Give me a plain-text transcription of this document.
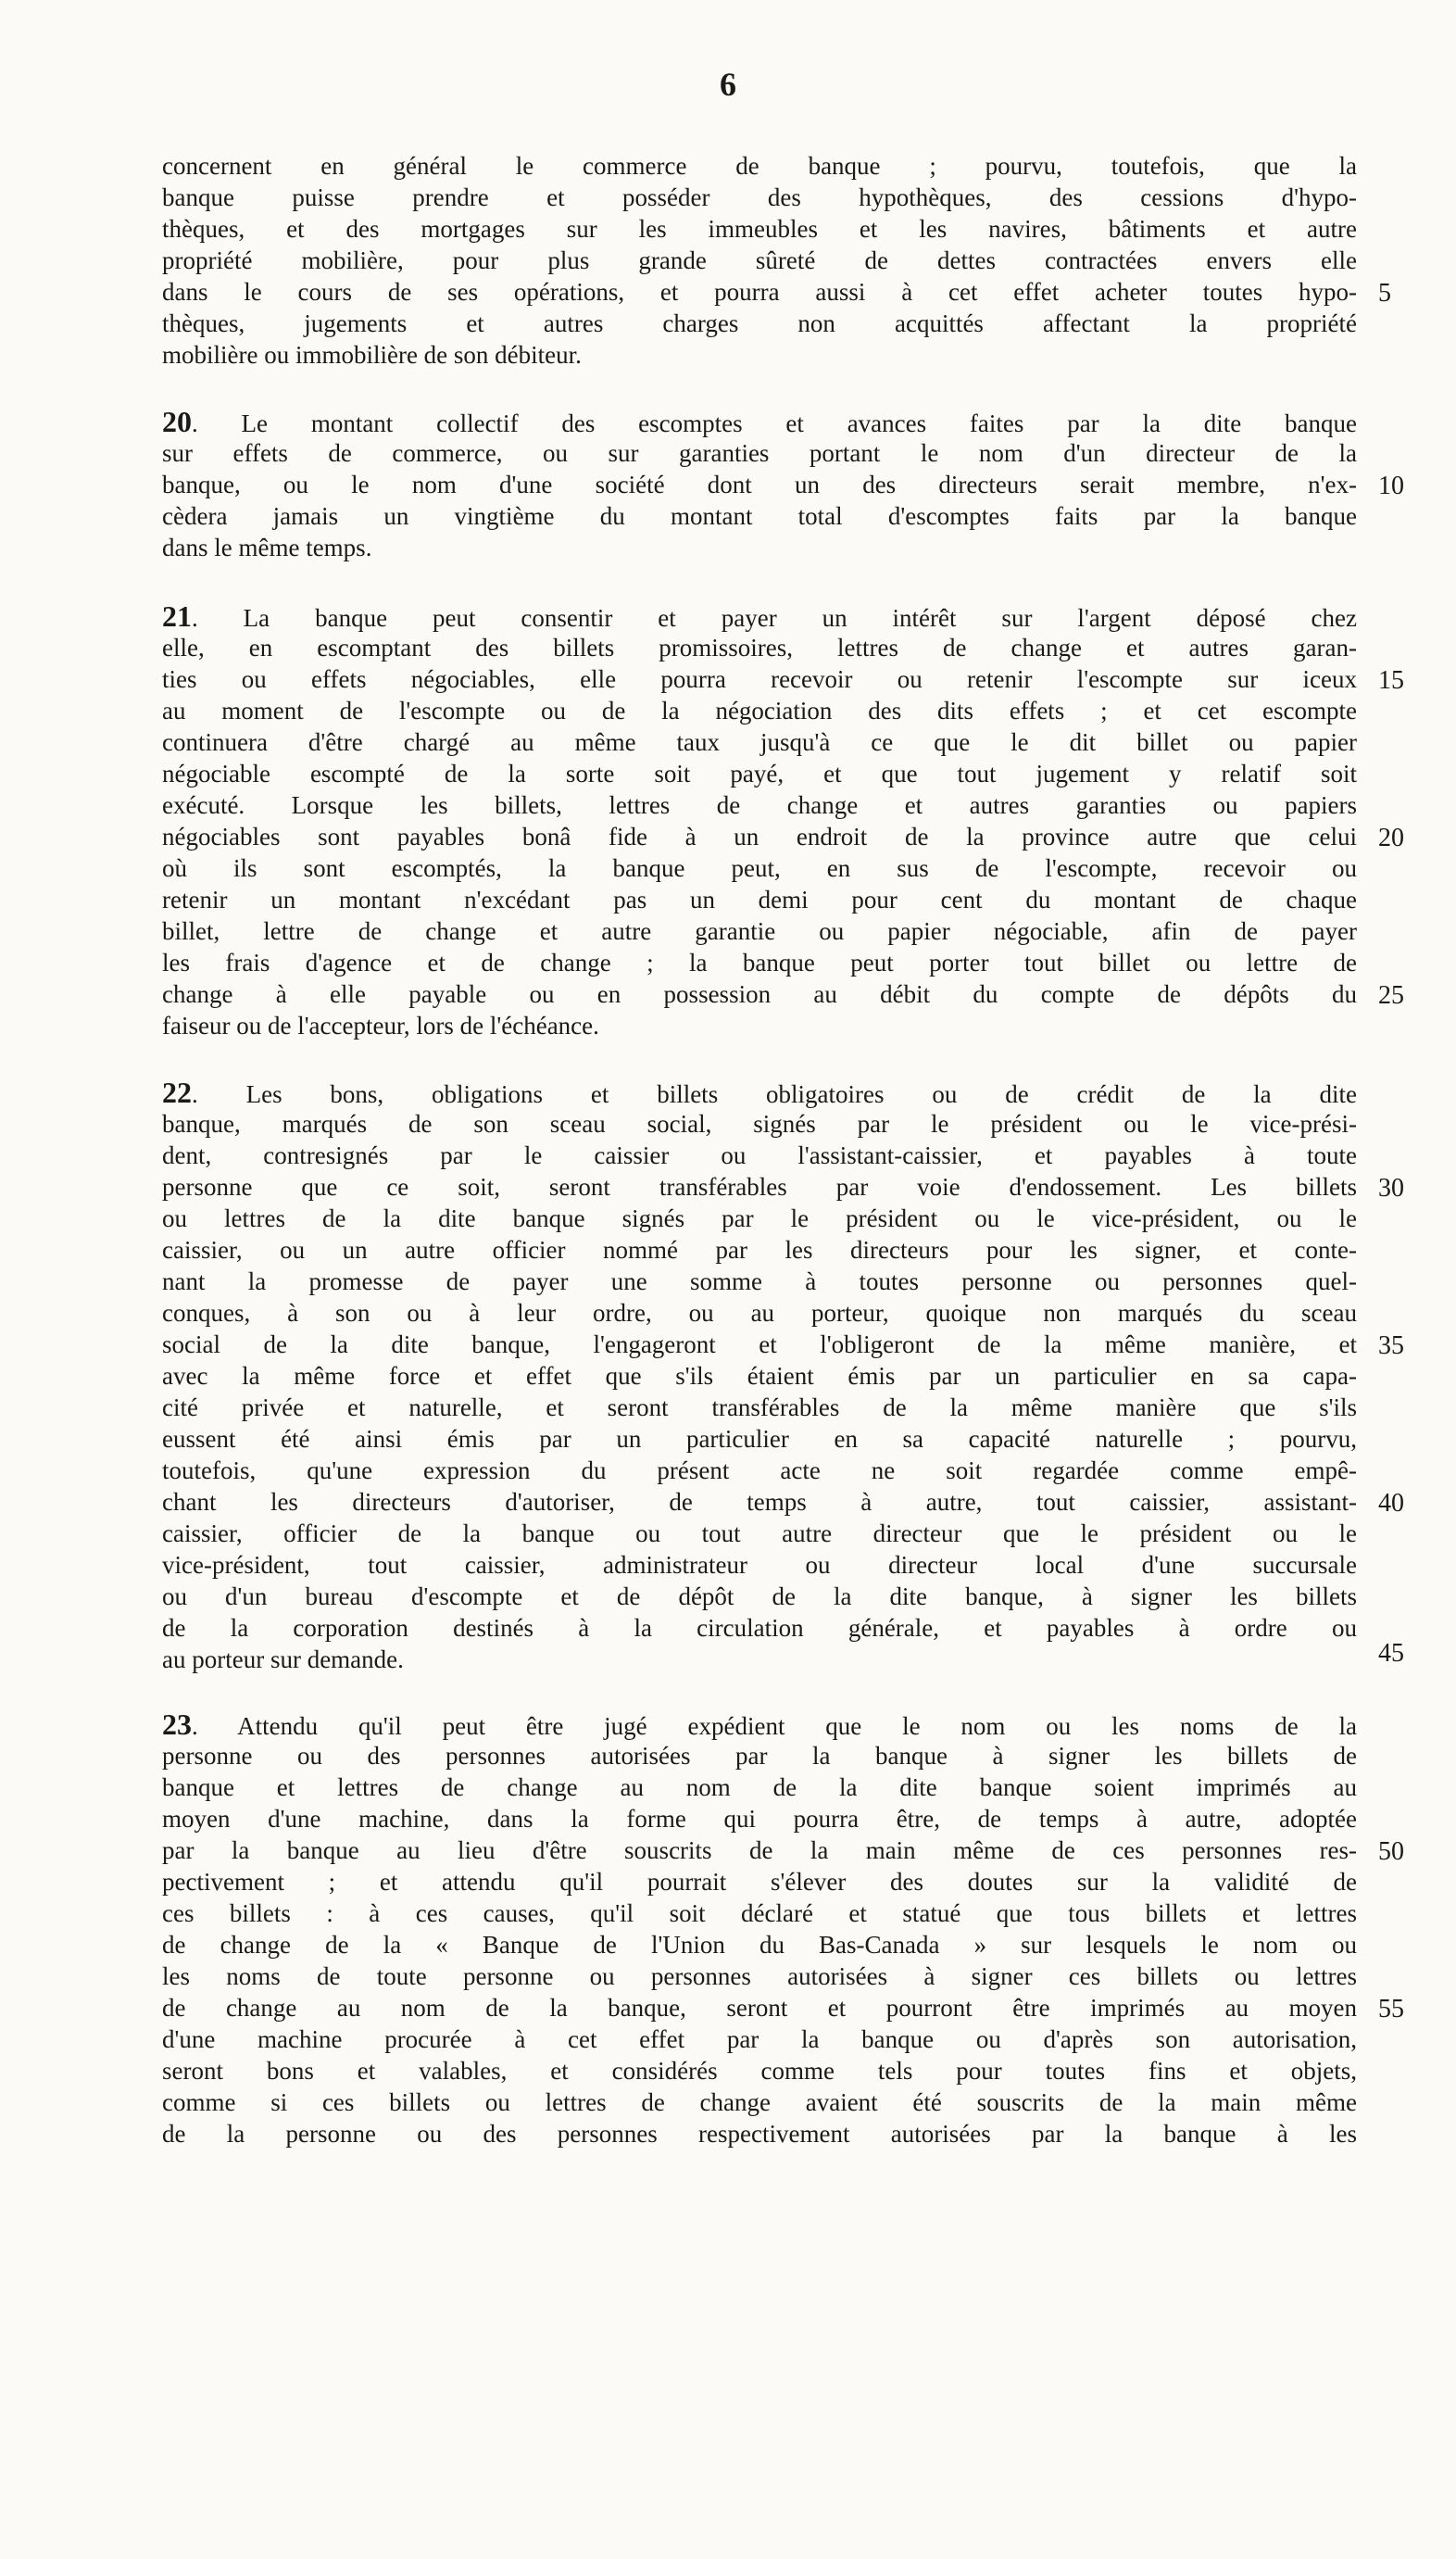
6
concernent en général le commerce de banque ; pourvu, toutefois, que la
banque puisse prendre et posséder des hypothèques, des cessions d'hypo-
thèques, et des mortgages sur les immeubles et les navires, bâtiments et autre
propriété mobilière, pour plus grande sûreté de dettes contractées envers elle
dans le cours de ses opérations, et pourra aussi à cet effet acheter toutes hypo-
thèques, jugements et autres charges non acquittés affectant la propriété
mobilière ou immobilière de son débiteur.
20. Le montant collectif des escomptes et avances faites par la dite banque
sur effets de commerce, ou sur garanties portant le nom d'un directeur de la
banque, ou le nom d'une société dont un des directeurs serait membre, n'ex-
cèdera jamais un vingtième du montant total d'escomptes faits par la banque
dans le même temps.
21. La banque peut consentir et payer un intérêt sur l'argent déposé chez
elle, en escomptant des billets promissoires, lettres de change et autres garan-
ties ou effets négociables, elle pourra recevoir ou retenir l'escompte sur iceux
au moment de l'escompte ou de la négociation des dits effets ; et cet escompte
continuera d'être chargé au même taux jusqu'à ce que le dit billet ou papier
négociable escompté de la sorte soit payé, et que tout jugement y relatif soit
exécuté. Lorsque les billets, lettres de change et autres garanties ou papiers
négociables sont payables bonâ fide à un endroit de la province autre que celui
où ils sont escomptés, la banque peut, en sus de l'escompte, recevoir ou
retenir un montant n'excédant pas un demi pour cent du montant de chaque
billet, lettre de change et autre garantie ou papier négociable, afin de payer
les frais d'agence et de change ; la banque peut porter tout billet ou lettre de
change à elle payable ou en possession au débit du compte de dépôts du
faiseur ou de l'accepteur, lors de l'échéance.
22. Les bons, obligations et billets obligatoires ou de crédit de la dite
banque, marqués de son sceau social, signés par le président ou le vice-prési-
dent, contresignés par le caissier ou l'assistant-caissier, et payables à toute
personne que ce soit, seront transférables par voie d'endossement. Les billets
ou lettres de la dite banque signés par le président ou le vice-président, ou le
caissier, ou un autre officier nommé par les directeurs pour les signer, et conte-
nant la promesse de payer une somme à toutes personne ou personnes quel-
conques, à son ou à leur ordre, ou au porteur, quoique non marqués du sceau
social de la dite banque, l'engageront et l'obligeront de la même manière, et
avec la même force et effet que s'ils étaient émis par un particulier en sa capa-
cité privée et naturelle, et seront transférables de la même manière que s'ils
eussent été ainsi émis par un particulier en sa capacité naturelle ; pourvu,
toutefois, qu'une expression du présent acte ne soit regardée comme empê-
chant les directeurs d'autoriser, de temps à autre, tout caissier, assistant-
caissier, officier de la banque ou tout autre directeur que le président ou le
vice-président, tout caissier, administrateur ou directeur local d'une succursale
ou d'un bureau d'escompte et de dépôt de la dite banque, à signer les billets
de la corporation destinés à la circulation générale, et payables à ordre ou
au porteur sur demande.
23. Attendu qu'il peut être jugé expédient que le nom ou les noms de la
personne ou des personnes autorisées par la banque à signer les billets de
banque et lettres de change au nom de la dite banque soient imprimés au
moyen d'une machine, dans la forme qui pourra être, de temps à autre, adoptée
par la banque au lieu d'être souscrits de la main même de ces personnes res-
pectivement ; et attendu qu'il pourrait s'élever des doutes sur la validité de
ces billets : à ces causes, qu'il soit déclaré et statué que tous billets et lettres
de change de la « Banque de l'Union du Bas-Canada » sur lesquels le nom ou
les noms de toute personne ou personnes autorisées à signer ces billets ou lettres
de change au nom de la banque, seront et pourront être imprimés au moyen
d'une machine procurée à cet effet par la banque ou d'après son autorisation,
seront bons et valables, et considérés comme tels pour toutes fins et objets,
comme si ces billets ou lettres de change avaient été souscrits de la main même
de la personne ou des personnes respectivement autorisées par la banque à les
5
10
15
20
25
30
35
40
45
50
55
